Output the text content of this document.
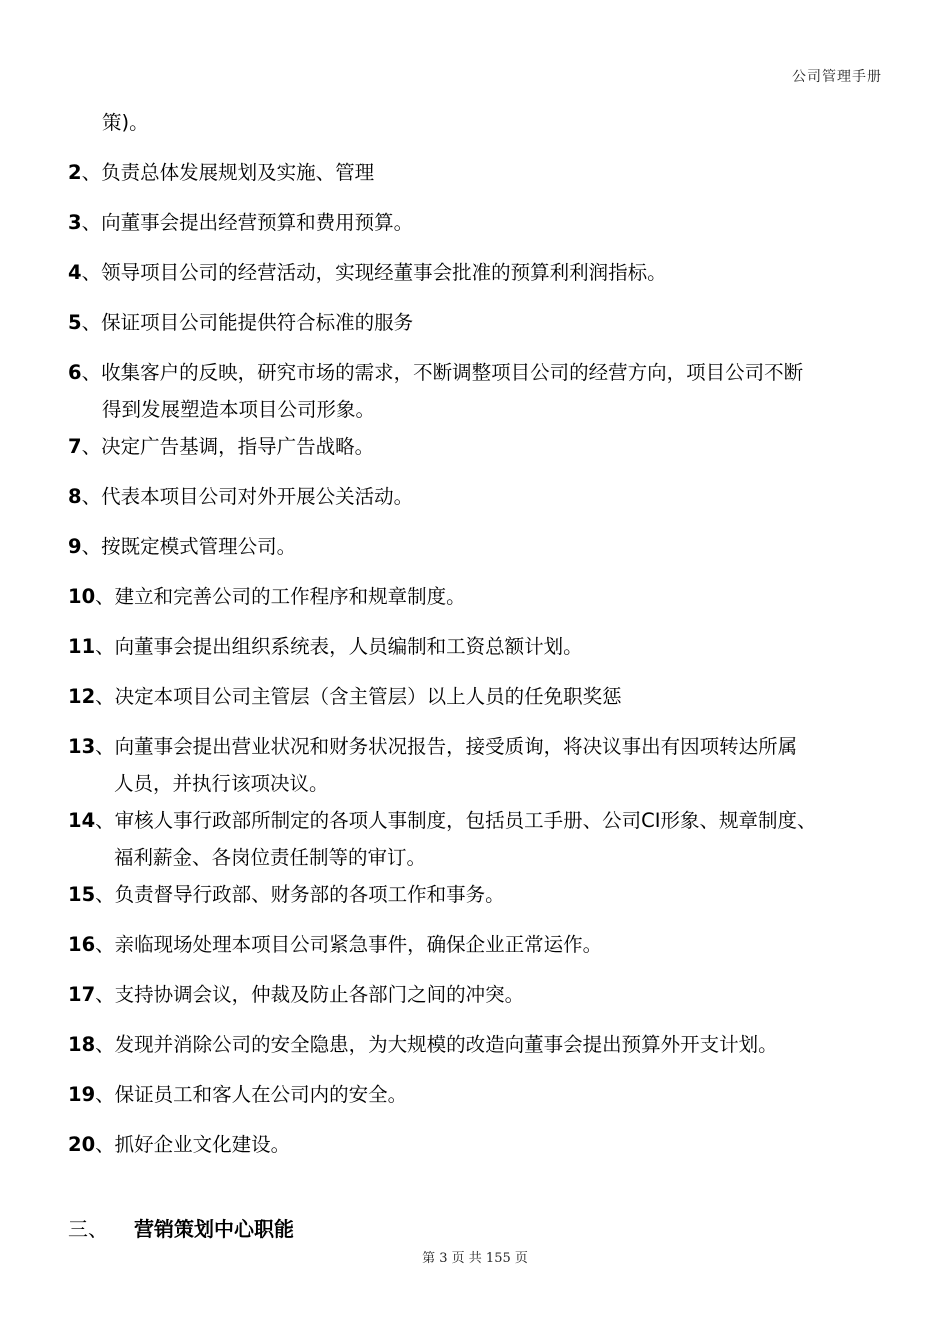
公司管理手册
策)。
2、负责总体发展规划及实施、管理
3、向董事会提出经营预算和费用预算。
4、领导项目公司的经营活动，实现经董事会批准的预算利利润指标。
5、保证项目公司能提供符合标准的服务
6、收集客户的反映，研究市场的需求，不断调整项目公司的经营方向，项目公司不断
得到发展塑造本项目公司形象。
7、决定广告基调，指导广告战略。
8、代表本项目公司对外开展公关活动。
9、按既定模式管理公司。
10、建立和完善公司的工作程序和规章制度。
11、向董事会提出组织系统表，人员编制和工资总额计划。
12、决定本项目公司主管层（含主管层）以上人员的任免职奖惩
13、向董事会提出营业状况和财务状况报告，接受质询，将决议事出有因项转达所属
人员，并执行该项决议。
14、审核人事行政部所制定的各项人事制度，包括员工手册、公司CI形象、规章制度、
福利薪金、各岗位责任制等的审订。
15、负责督导行政部、财务部的各项工作和事务。
16、亲临现场处理本项目公司紧急事件，确保企业正常运作。
17、支持协调会议，仲裁及防止各部门之间的冲突。
18、发现并消除公司的安全隐患，为大规模的改造向董事会提出预算外开支计划。
19、保证员工和客人在公司内的安全。
20、抓好企业文化建设。
三、 营销策划中心职能
第 3 页 共 155 页
